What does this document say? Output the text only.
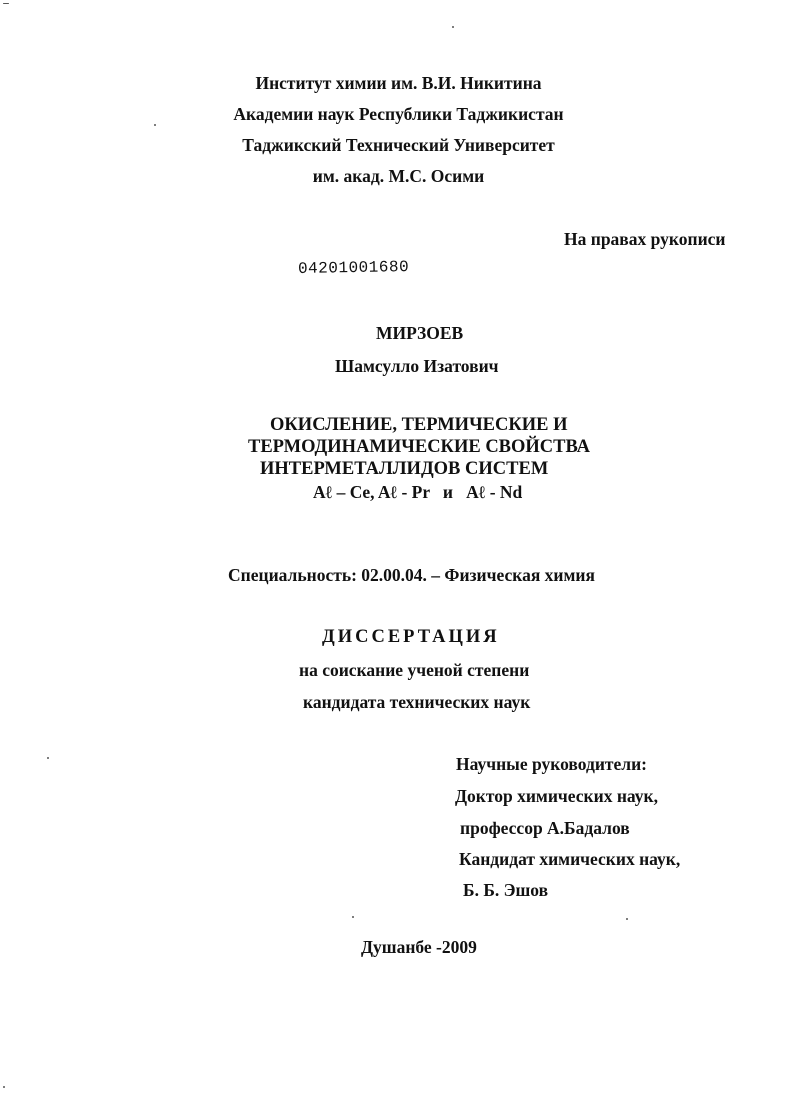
Институт химии им. В.И. Никитина
Академии наук Республики Таджикистан
Таджикский Технический Университет
им. акад. М.С. Осими
На правах рукописи
04201001680
МИРЗОЕВ
Шамсулло Изатович
ОКИСЛЕНИЕ, ТЕРМИЧЕСКИЕ И
ТЕРМОДИНАМИЧЕСКИЕ СВОЙСТВА
ИНТЕРМЕТАЛЛИДОВ СИСТЕМ
Aℓ – Ce, Aℓ - Pr   и   Aℓ - Nd
Специальность: 02.00.04. – Физическая химия
ДИССЕРТАЦИЯ
на соискание ученой степени
кандидата технических наук
Научные руководители:
Доктор химических наук,
профессор А.Бадалов
Кандидат химических наук,
Б. Б. Эшов
Душанбе -2009
